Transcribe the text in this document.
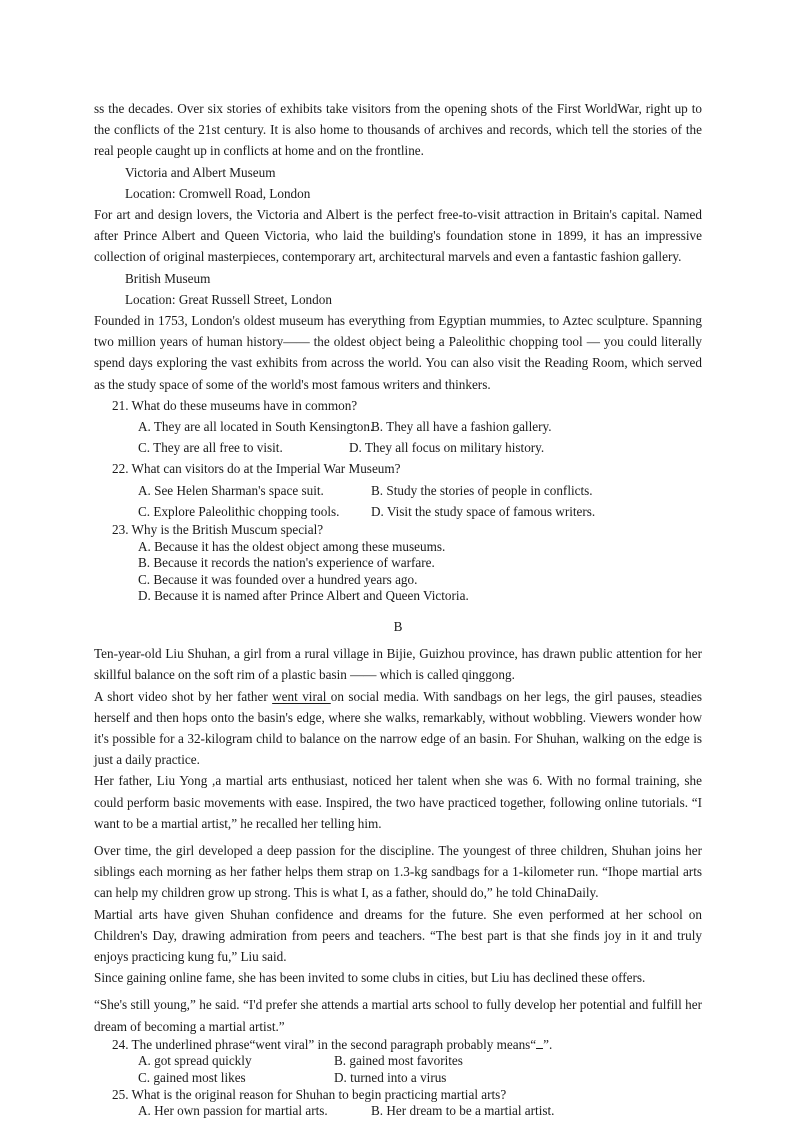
ss the decades. Over six stories of exhibits take visitors from the opening shots of the First WorldWar, right up to the conflicts of the 21st century. It is also home to thousands of archives and records, which tell the stories of the real people caught up in conflicts at home and on the frontline.

Victoria and Albert Museum
Location: Cromwell Road, London

For art and design lovers, the Victoria and Albert is the perfect free-to-visit attraction in Britain's capital. Named after Prince Albert and Queen Victoria, who laid the building's foundation stone in 1899, it has an impressive collection of original masterpieces, contemporary art, architectural marvels and even a fantastic fashion gallery.

British Museum
Location: Great Russell Street, London

Founded in 1753, London's oldest museum has everything from Egyptian mummies, to Aztec sculpture. Spanning two million years of human history—— the oldest object being a Paleolithic chopping tool — you could literally spend days exploring the vast exhibits from across the world. You can also visit the Reading Room, which served as the study space of some of the world's most famous writers and thinkers.

21. What do these museums have in common?
A. They are all located in South Kensington.
B. They all have a fashion gallery.
C. They are all free to visit.	D. They all focus on military history.
22. What can visitors do at the Imperial War Museum?
A. See Helen Sharman's space suit.	B. Study the stories of people in conflicts.
C. Explore Paleolithic chopping tools.	D. Visit the study space of famous writers.
23. Why is the British Muscum special?
A. Because it has the oldest object among these museums.
B. Because it records the nation's experience of warfare.
C. Because it was founded over a hundred years ago.
D. Because it is named after Prince Albert and Queen Victoria.
B

Ten-year-old Liu Shuhan, a girl from a rural village in Bijie, Guizhou province, has drawn public attention for her skillful balance on the soft rim of a plastic basin —— which is called qinggong.

A short video shot by her father went viral on social media. With sandbags on her legs, the girl pauses, steadies herself and then hops onto the basin's edge, where she walks, remarkably, without wobbling. Viewers wonder how it's possible for a 32-kilogram child to balance on the narrow edge of an basin. For Shuhan, walking on the edge is just a daily practice.

Her father, Liu Yong ,a martial arts enthusiast, noticed her talent when she was 6. With no formal training, she could perform basic movements with ease. Inspired, the two have practiced together, following online tutorials. “I want to be a martial artist,” he recalled her telling him.

Over time, the girl developed a deep passion for the discipline. The youngest of three children, Shuhan joins her siblings each morning as her father helps them strap on 1.3-kg sandbags for a 1-kilometer run. “Ihope martial arts can help my children grow up strong. This is what I, as a father, should do,” he told ChinaDaily.

Martial arts have given Shuhan confidence and dreams for the future. She even performed at her school on Children's Day, drawing admiration from peers and teachers. “The best part is that she finds joy in it and truly enjoys practicing kung fu,” Liu said.

Since gaining online fame, she has been invited to some clubs in cities, but Liu has declined these offers.

“She's still young,” he said. “I'd prefer she attends a martial arts school to fully develop her potential and fulfill her dream of becoming a martial artist.”

24. The underlined phrase“went viral” in the second paragraph probably means“ ”.
A. got spread quickly	B. gained most favorites
C. gained most likes	D. turned into a virus
25. What is the original reason for Shuhan to begin practicing martial arts?
A. Her own passion for martial arts.	B. Her dream to be a martial artist.
